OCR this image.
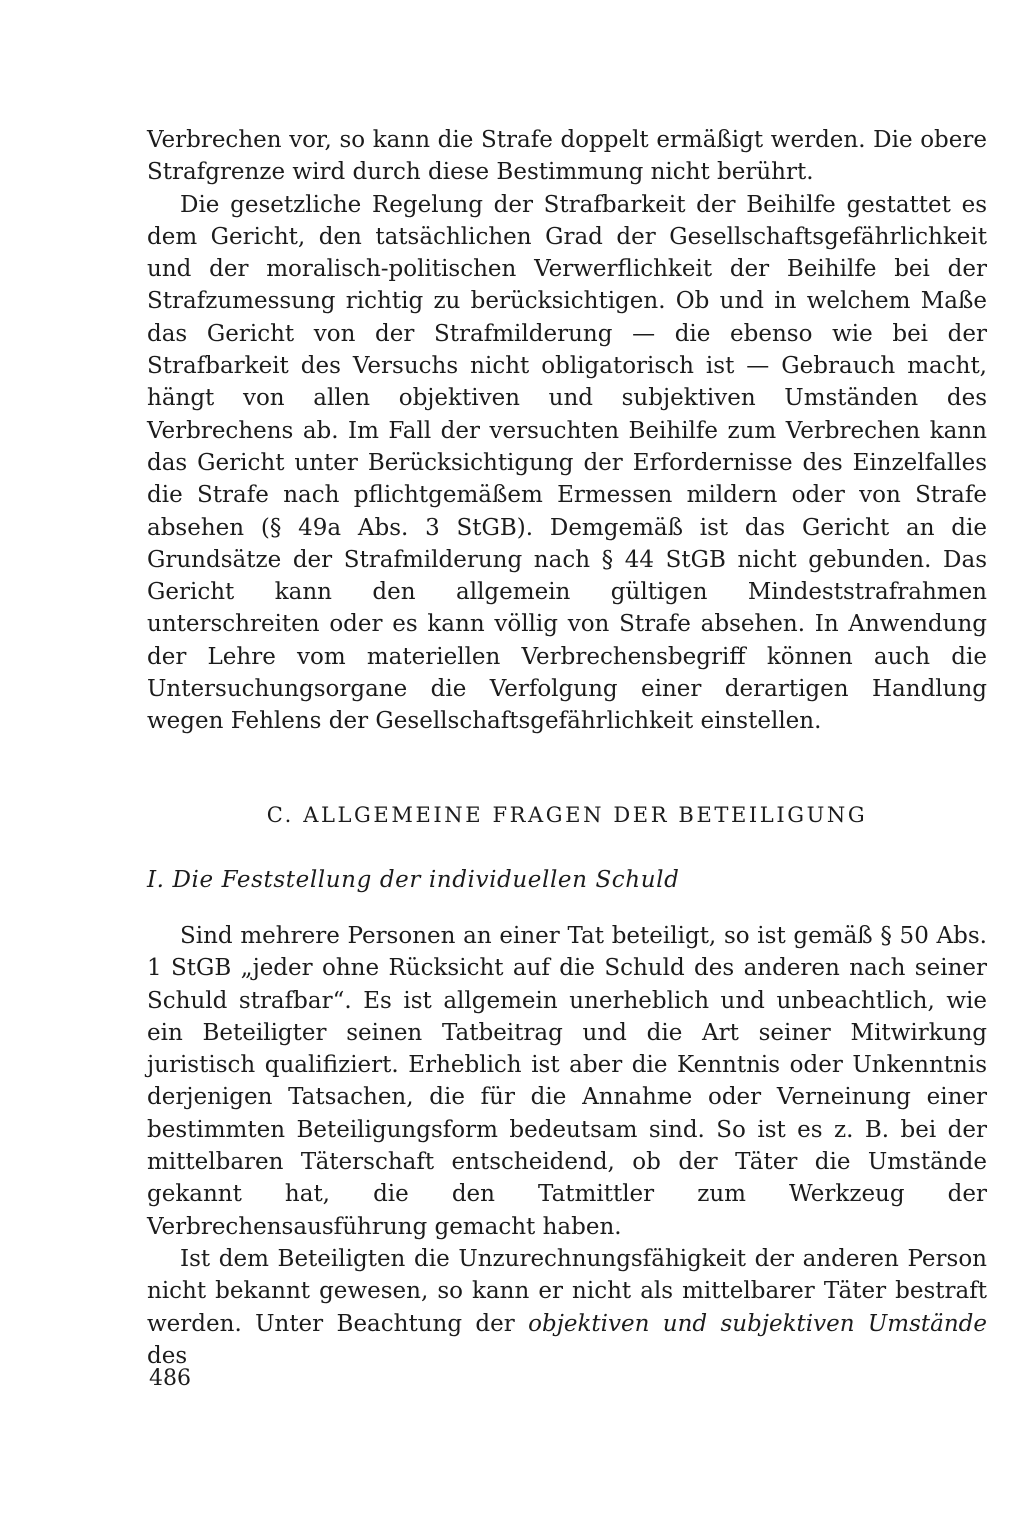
Verbrechen vor, so kann die Strafe doppelt ermäßigt werden. Die obere Strafgrenze wird durch diese Bestimmung nicht berührt.

Die gesetzliche Regelung der Strafbarkeit der Beihilfe gestattet es dem Gericht, den tatsächlichen Grad der Gesellschaftsgefährlichkeit und der moralisch-politischen Verwerflichkeit der Beihilfe bei der Strafzumessung richtig zu berücksichtigen. Ob und in welchem Maße das Gericht von der Strafmilderung — die ebenso wie bei der Strafbarkeit des Versuchs nicht obligatorisch ist — Gebrauch macht, hängt von allen objektiven und subjektiven Umständen des Verbrechens ab. Im Fall der versuchten Beihilfe zum Verbrechen kann das Gericht unter Berücksichtigung der Erfordernisse des Einzelfalles die Strafe nach pflichtgemäßem Ermessen mildern oder von Strafe absehen (§ 49a Abs. 3 StGB). Demgemäß ist das Gericht an die Grundsätze der Strafmilderung nach § 44 StGB nicht gebunden. Das Gericht kann den allgemein gültigen Mindeststrafrahmen unterschreiten oder es kann völlig von Strafe absehen. In Anwendung der Lehre vom materiellen Verbrechensbegriff können auch die Untersuchungsorgane die Verfolgung einer derartigen Handlung wegen Fehlens der Gesellschaftsgefährlichkeit einstellen.

C. ALLGEMEINE FRAGEN DER BETEILIGUNG
I. Die Feststellung der individuellen Schuld

Sind mehrere Personen an einer Tat beteiligt, so ist gemäß § 50 Abs. 1 StGB „jeder ohne Rücksicht auf die Schuld des anderen nach seiner Schuld strafbar“. Es ist allgemein unerheblich und unbeachtlich, wie ein Beteiligter seinen Tatbeitrag und die Art seiner Mitwirkung juristisch qualifiziert. Erheblich ist aber die Kenntnis oder Unkenntnis derjenigen Tatsachen, die für die Annahme oder Verneinung einer bestimmten Beteiligungsform bedeutsam sind. So ist es z. B. bei der mittelbaren Täterschaft entscheidend, ob der Täter die Umstände gekannt hat, die den Tatmittler zum Werkzeug der Verbrechensausführung gemacht haben.

Ist dem Beteiligten die Unzurechnungsfähigkeit der anderen Person nicht bekannt gewesen, so kann er nicht als mittelbarer Täter bestraft werden. Unter Beachtung der objektiven und subjektiven Umstände des

486
